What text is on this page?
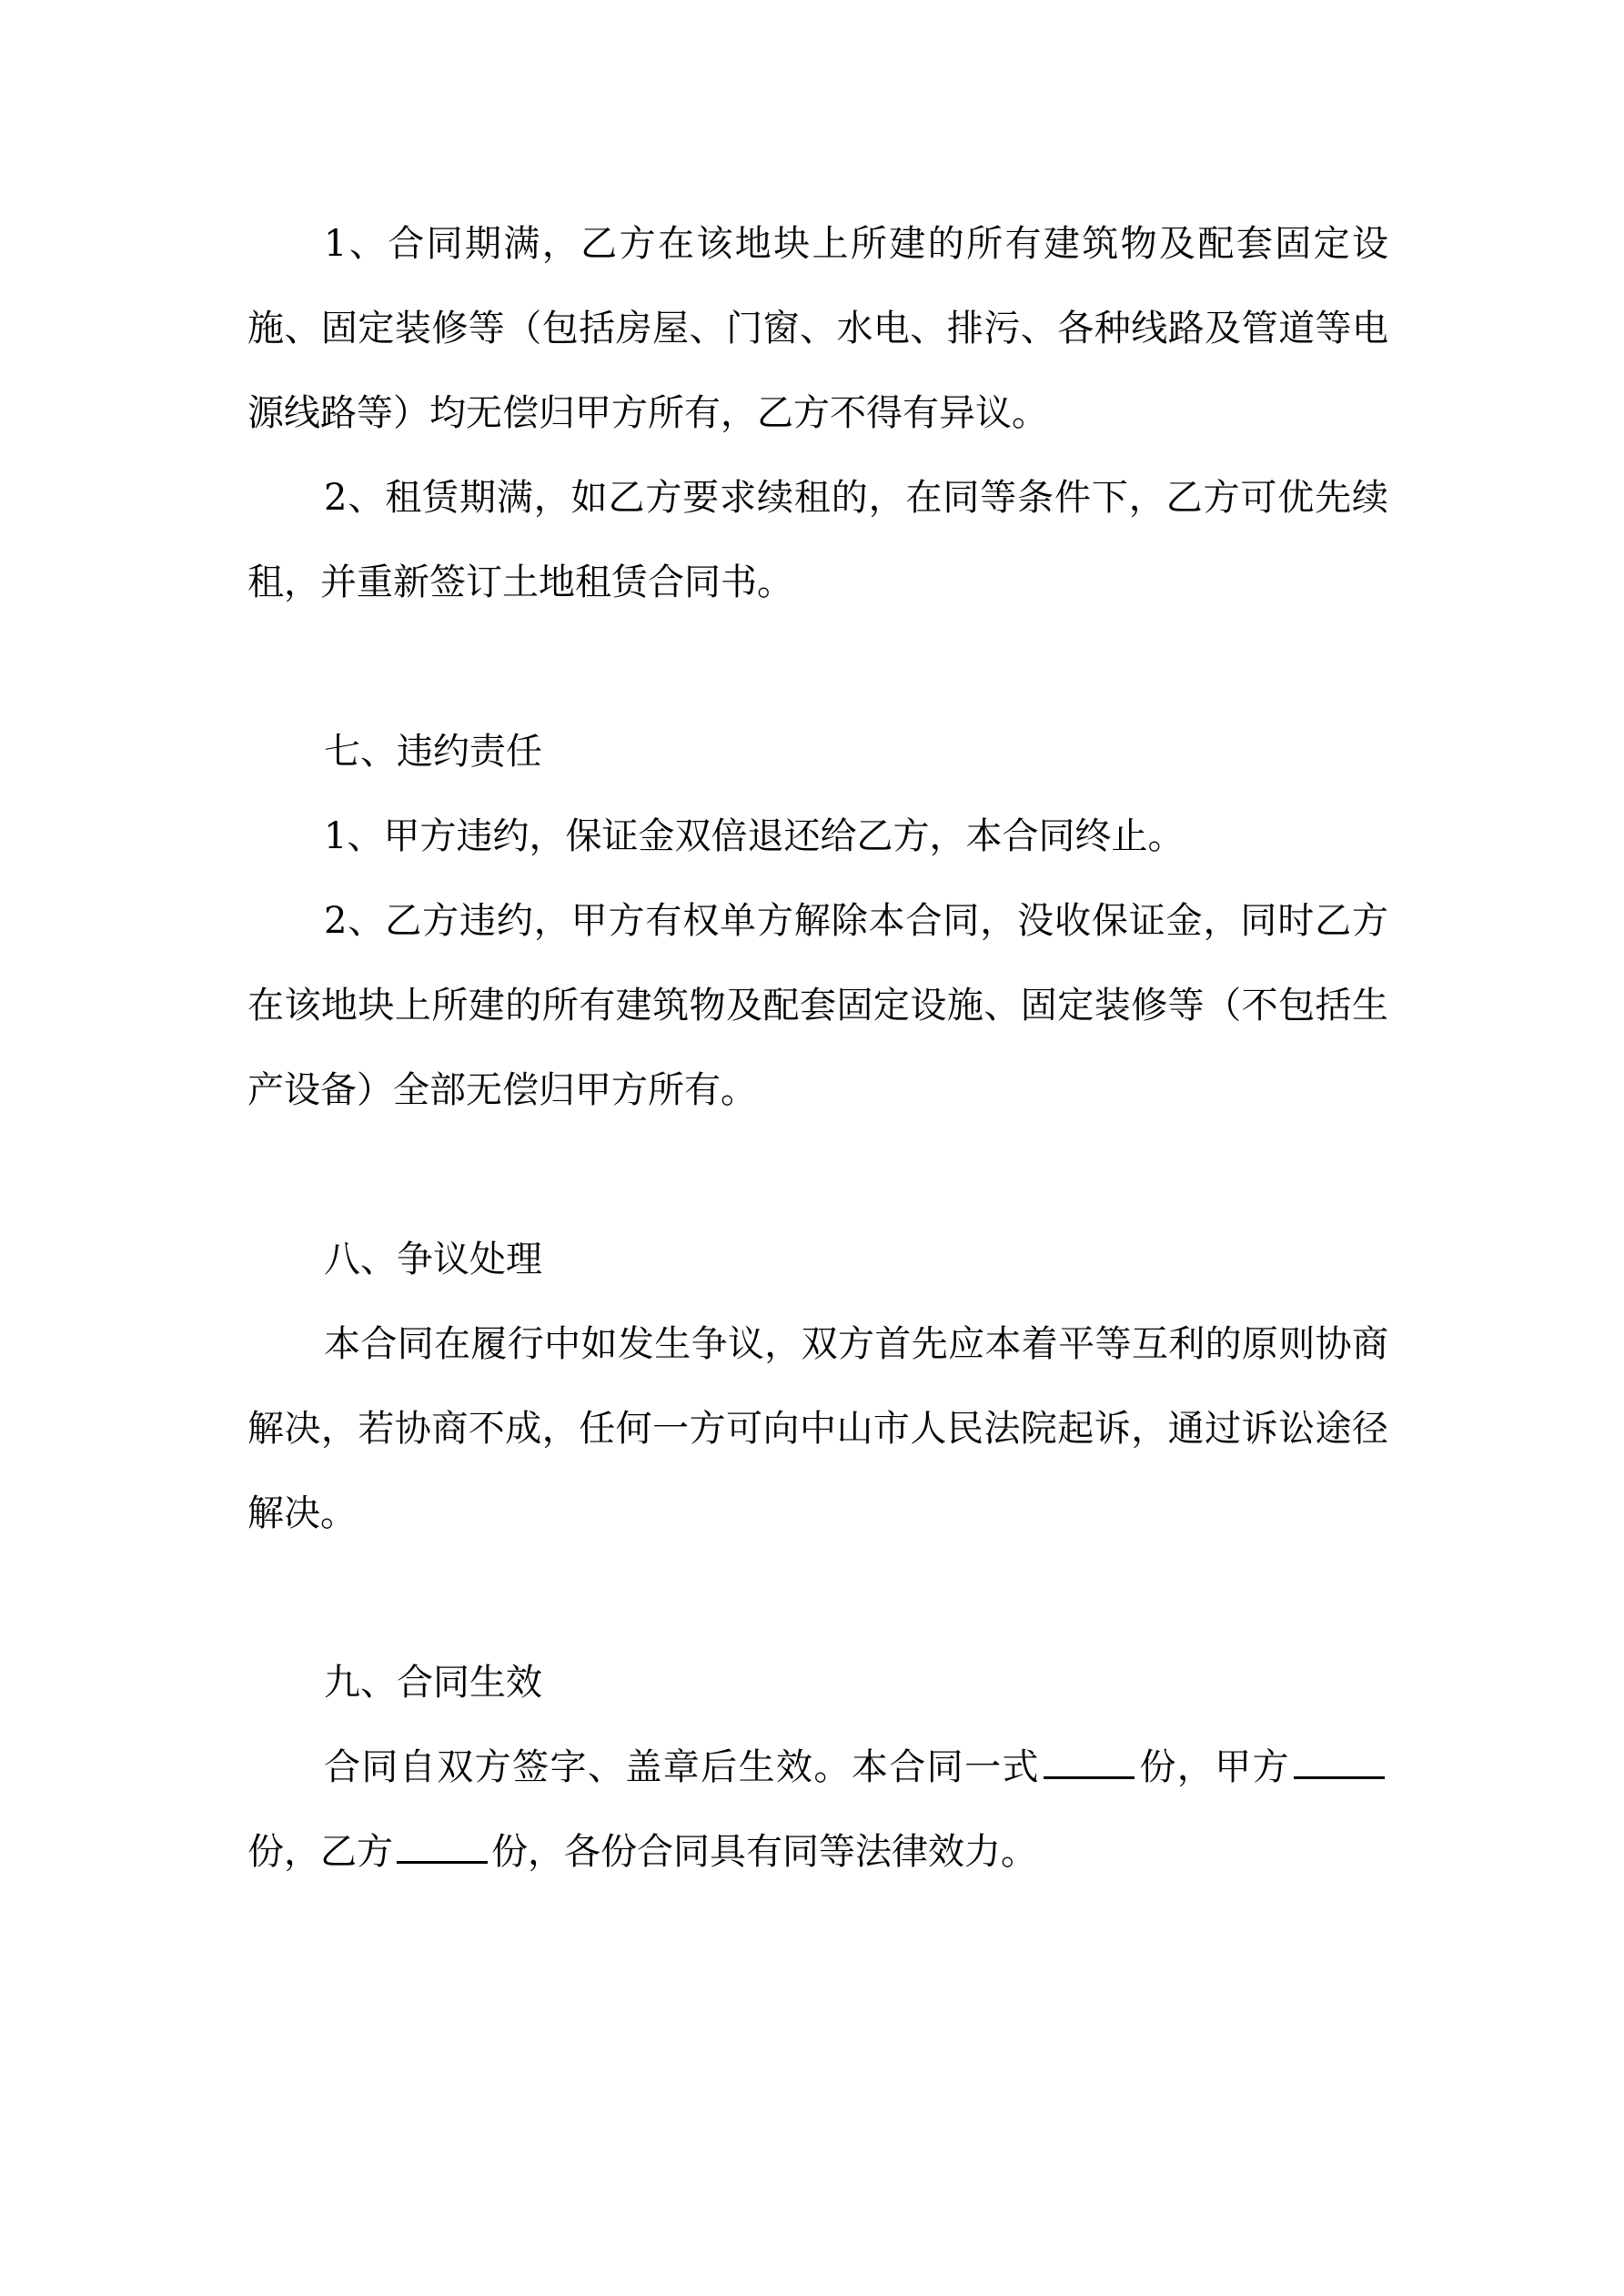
1、合同期满，乙方在该地块上所建的所有建筑物及配套固定设施、固定装修等（包括房屋、门窗、水电、排污、各种线路及管道等电源线路等）均无偿归甲方所有，乙方不得有异议。

2、租赁期满，如乙方要求续租的，在同等条件下，乙方可优先续租，并重新签订土地租赁合同书。

七、违约责任

1、甲方违约，保证金双倍退还给乙方，本合同终止。

2、乙方违约，甲方有权单方解除本合同，没收保证金，同时乙方在该地块上所建的所有建筑物及配套固定设施、固定装修等（不包括生产设备）全部无偿归甲方所有。

八、争议处理

本合同在履行中如发生争议，双方首先应本着平等互利的原则协商解决，若协商不成，任何一方可向中山市人民法院起诉，通过诉讼途径解决。

九、合同生效

合同自双方签字、盖章后生效。本合同一式	份，甲方份，乙方	份，各份合同具有同等法律效力。
